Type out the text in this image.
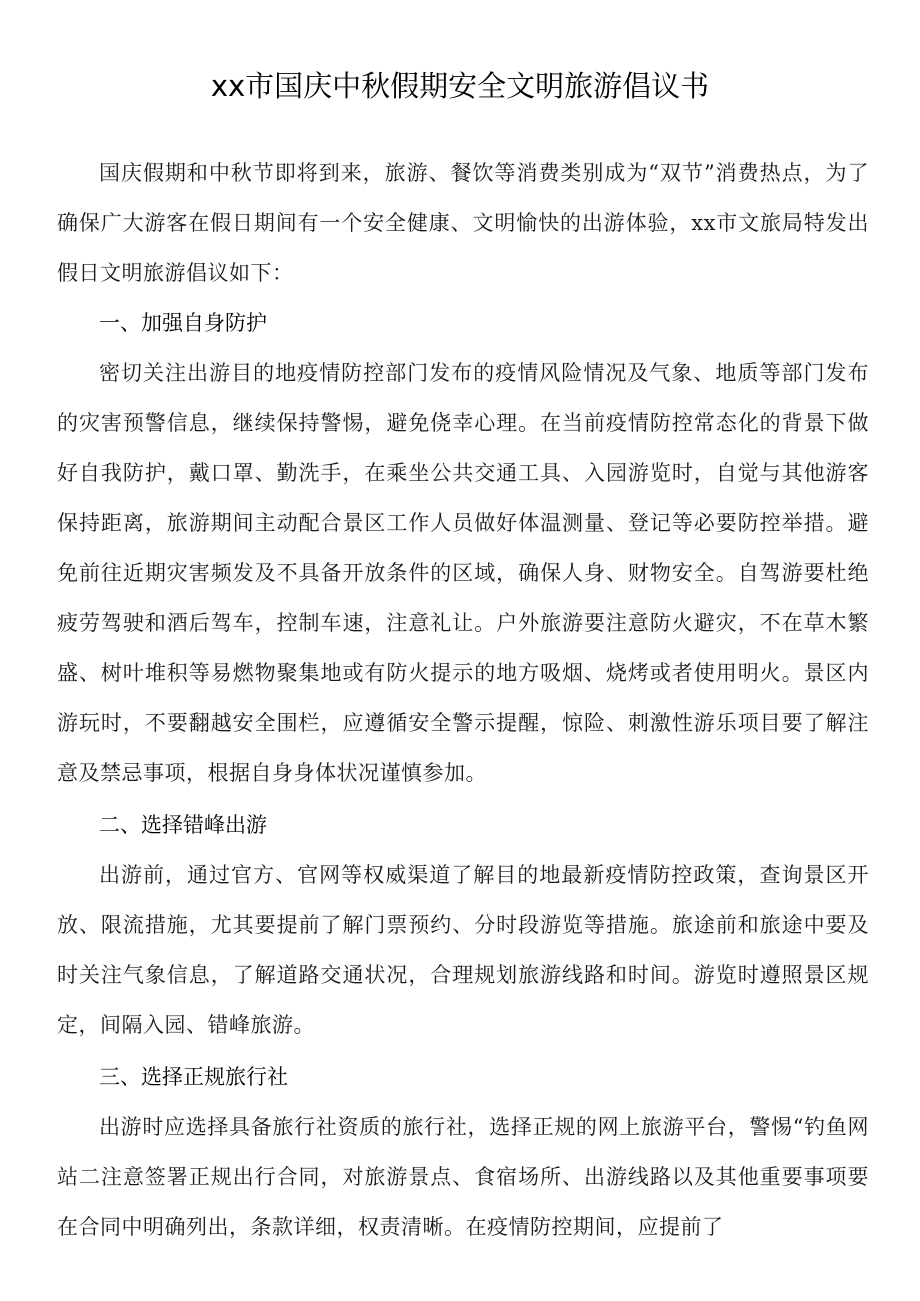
xx市国庆中秋假期安全文明旅游倡议书

国庆假期和中秋节即将到来，旅游、餐饮等消费类别成为“双节”消费热点，为了确保广大游客在假日期间有一个安全健康、文明愉快的出游体验，xx市文旅局特发出假日文明旅游倡议如下：

一、加强自身防护

密切关注出游目的地疫情防控部门发布的疫情风险情况及气象、地质等部门发布的灾害预警信息，继续保持警惕，避免侥幸心理。在当前疫情防控常态化的背景下做好自我防护，戴口罩、勤洗手，在乘坐公共交通工具、入园游览时，自觉与其他游客保持距离，旅游期间主动配合景区工作人员做好体温测量、登记等必要防控举措。避免前往近期灾害频发及不具备开放条件的区域，确保人身、财物安全。自驾游要杜绝疲劳驾驶和酒后驾车，控制车速，注意礼让。户外旅游要注意防火避灾，不在草木繁盛、树叶堆积等易燃物聚集地或有防火提示的地方吸烟、烧烤或者使用明火。景区内游玩时，不要翻越安全围栏，应遵循安全警示提醒，惊险、刺激性游乐项目要了解注意及禁忌事项，根据自身身体状况谨慎参加。

二、选择错峰出游

出游前，通过官方、官网等权威渠道了解目的地最新疫情防控政策，查询景区开放、限流措施，尤其要提前了解门票预约、分时段游览等措施。旅途前和旅途中要及时关注气象信息，了解道路交通状况，合理规划旅游线路和时间。游览时遵照景区规定，间隔入园、错峰旅游。

三、选择正规旅行社

出游时应选择具备旅行社资质的旅行社，选择正规的网上旅游平台，警惕“钓鱼网站二注意签署正规出行合同，对旅游景点、食宿场所、出游线路以及其他重要事项要在合同中明确列出，条款详细，权责清晰。在疫情防控期间，应提前了
